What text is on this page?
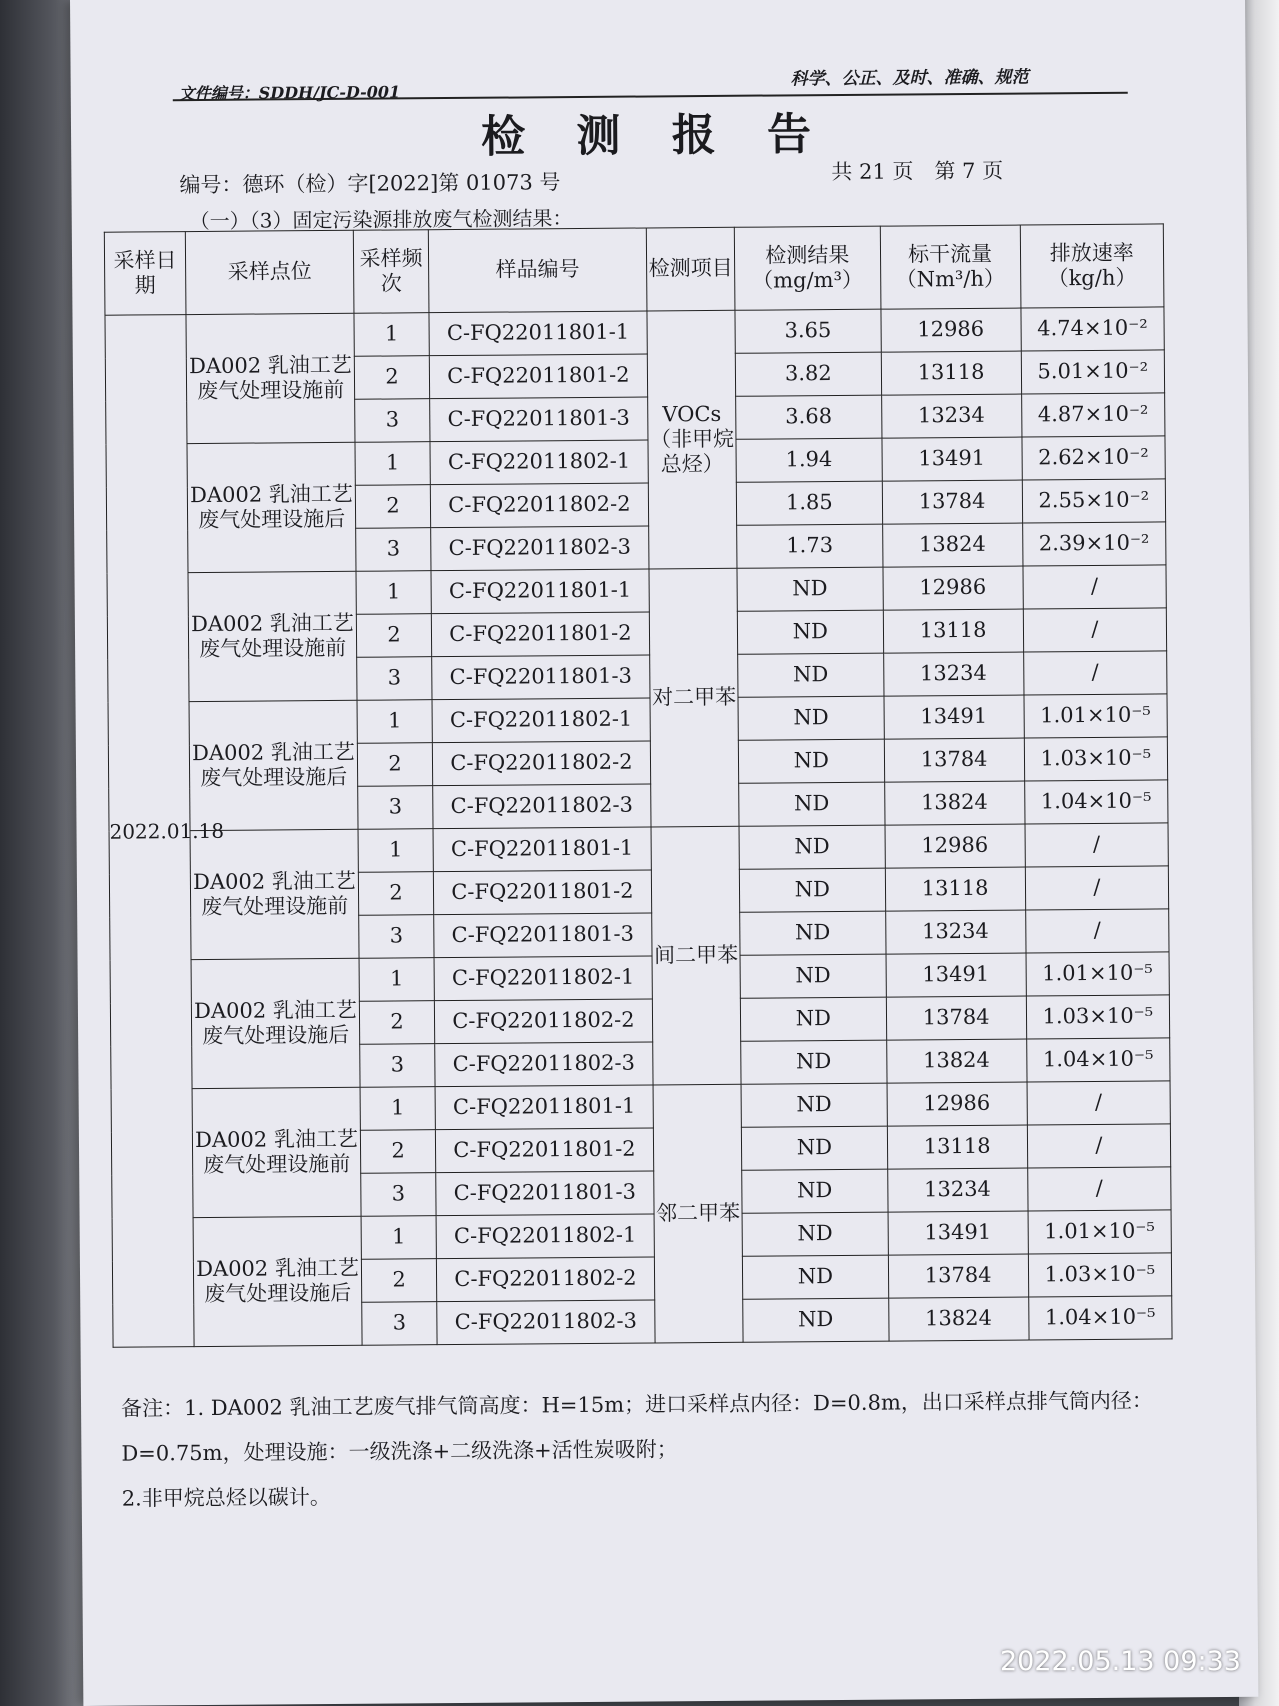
文件编号：SDDH/JC-D-001
科学、公正、及时、准确、规范
检 测 报 告
编号：德环（检）字[2022]第 01073 号	共 21 页　第 7 页
（一）（3）固定污染源排放废气检测结果：
采样日期	采样点位	采样频次	样品编号	检测项目	检测结果（mg/m³）	标干流量（Nm³/h）	排放速率（kg/h）
2022.01.18	DA002 乳油工艺废气处理设施前	1	C-FQ22011801-1	VOCs（非甲烷总烃）	3.65	12986	4.74×10⁻²
		2	C-FQ22011801-2		3.82	13118	5.01×10⁻²
		3	C-FQ22011801-3		3.68	13234	4.87×10⁻²
	DA002 乳油工艺废气处理设施后	1	C-FQ22011802-1		1.94	13491	2.62×10⁻²
		2	C-FQ22011802-2		1.85	13784	2.55×10⁻²
		3	C-FQ22011802-3		1.73	13824	2.39×10⁻²
	DA002 乳油工艺废气处理设施前	1	C-FQ22011801-1	对二甲苯	ND	12986	/
		2	C-FQ22011801-2		ND	13118	/
		3	C-FQ22011801-3		ND	13234	/
	DA002 乳油工艺废气处理设施后	1	C-FQ22011802-1		ND	13491	1.01×10⁻⁵
		2	C-FQ22011802-2		ND	13784	1.03×10⁻⁵
		3	C-FQ22011802-3		ND	13824	1.04×10⁻⁵
	DA002 乳油工艺废气处理设施前	1	C-FQ22011801-1	间二甲苯	ND	12986	/
		2	C-FQ22011801-2		ND	13118	/
		3	C-FQ22011801-3		ND	13234	/
	DA002 乳油工艺废气处理设施后	1	C-FQ22011802-1		ND	13491	1.01×10⁻⁵
		2	C-FQ22011802-2		ND	13784	1.03×10⁻⁵
		3	C-FQ22011802-3		ND	13824	1.04×10⁻⁵
	DA002 乳油工艺废气处理设施前	1	C-FQ22011801-1	邻二甲苯	ND	12986	/
		2	C-FQ22011801-2		ND	13118	/
		3	C-FQ22011801-3		ND	13234	/
	DA002 乳油工艺废气处理设施后	1	C-FQ22011802-1		ND	13491	1.01×10⁻⁵
		2	C-FQ22011802-2		ND	13784	1.03×10⁻⁵
		3	C-FQ22011802-3		ND	13824	1.04×10⁻⁵
备注：1. DA002 乳油工艺废气排气筒高度：H=15m；进口采样点内径：D=0.8m，出口采样点排气筒内径：D=0.75m，处理设施：一级洗涤+二级洗涤+活性炭吸附；
2.非甲烷总烃以碳计。
2022.05.13 09:33
